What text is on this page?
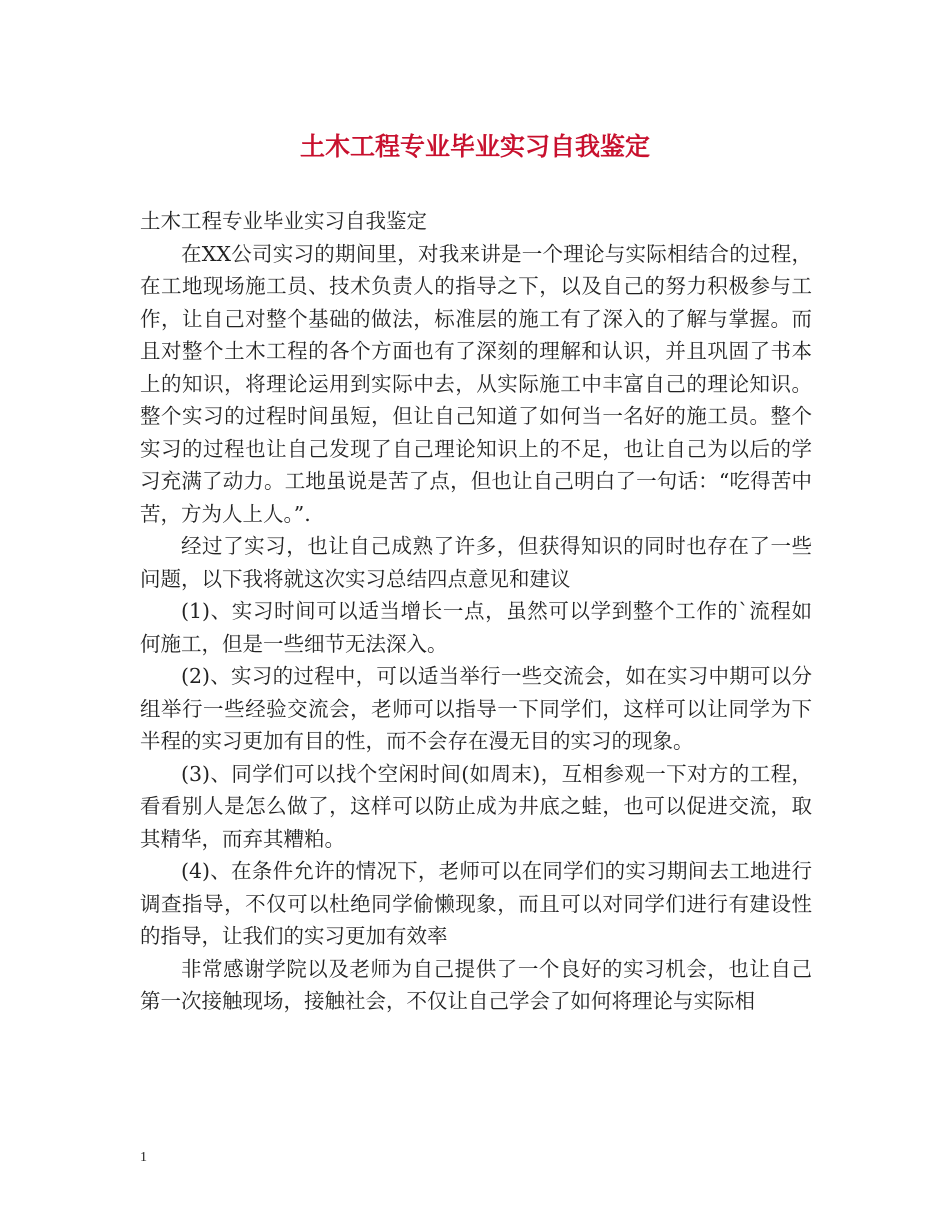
土木工程专业毕业实习自我鉴定

土木工程专业毕业实习自我鉴定

在XX公司实习的期间里，对我来讲是一个理论与实际相结合的过程，在工地现场施工员、技术负责人的指导之下，以及自己的努力积极参与工作，让自己对整个基础的做法，标准层的施工有了深入的了解与掌握。而且对整个土木工程的各个方面也有了深刻的理解和认识，并且巩固了书本上的知识，将理论运用到实际中去，从实际施工中丰富自己的理论知识。整个实习的过程时间虽短，但让自己知道了如何当一名好的施工员。整个实习的过程也让自己发现了自己理论知识上的不足，也让自己为以后的学习充满了动力。工地虽说是苦了点，但也让自己明白了一句话：“吃得苦中苦，方为人上人。”.

经过了实习，也让自己成熟了许多，但获得知识的同时也存在了一些问题，以下我将就这次实习总结四点意见和建议

(1)、实习时间可以适当增长一点，虽然可以学到整个工作的`流程如何施工，但是一些细节无法深入。

(2)、实习的过程中，可以适当举行一些交流会，如在实习中期可以分组举行一些经验交流会，老师可以指导一下同学们，这样可以让同学为下半程的实习更加有目的性，而不会存在漫无目的实习的现象。

(3)、同学们可以找个空闲时间(如周末)，互相参观一下对方的工程，看看别人是怎么做了，这样可以防止成为井底之蛙，也可以促进交流，取其精华，而弃其糟粕。

(4)、在条件允许的情况下，老师可以在同学们的实习期间去工地进行调查指导，不仅可以杜绝同学偷懒现象，而且可以对同学们进行有建设性的指导，让我们的实习更加有效率

非常感谢学院以及老师为自己提供了一个良好的实习机会，也让自己第一次接触现场，接触社会，不仅让自己学会了如何将理论与实际相

1
